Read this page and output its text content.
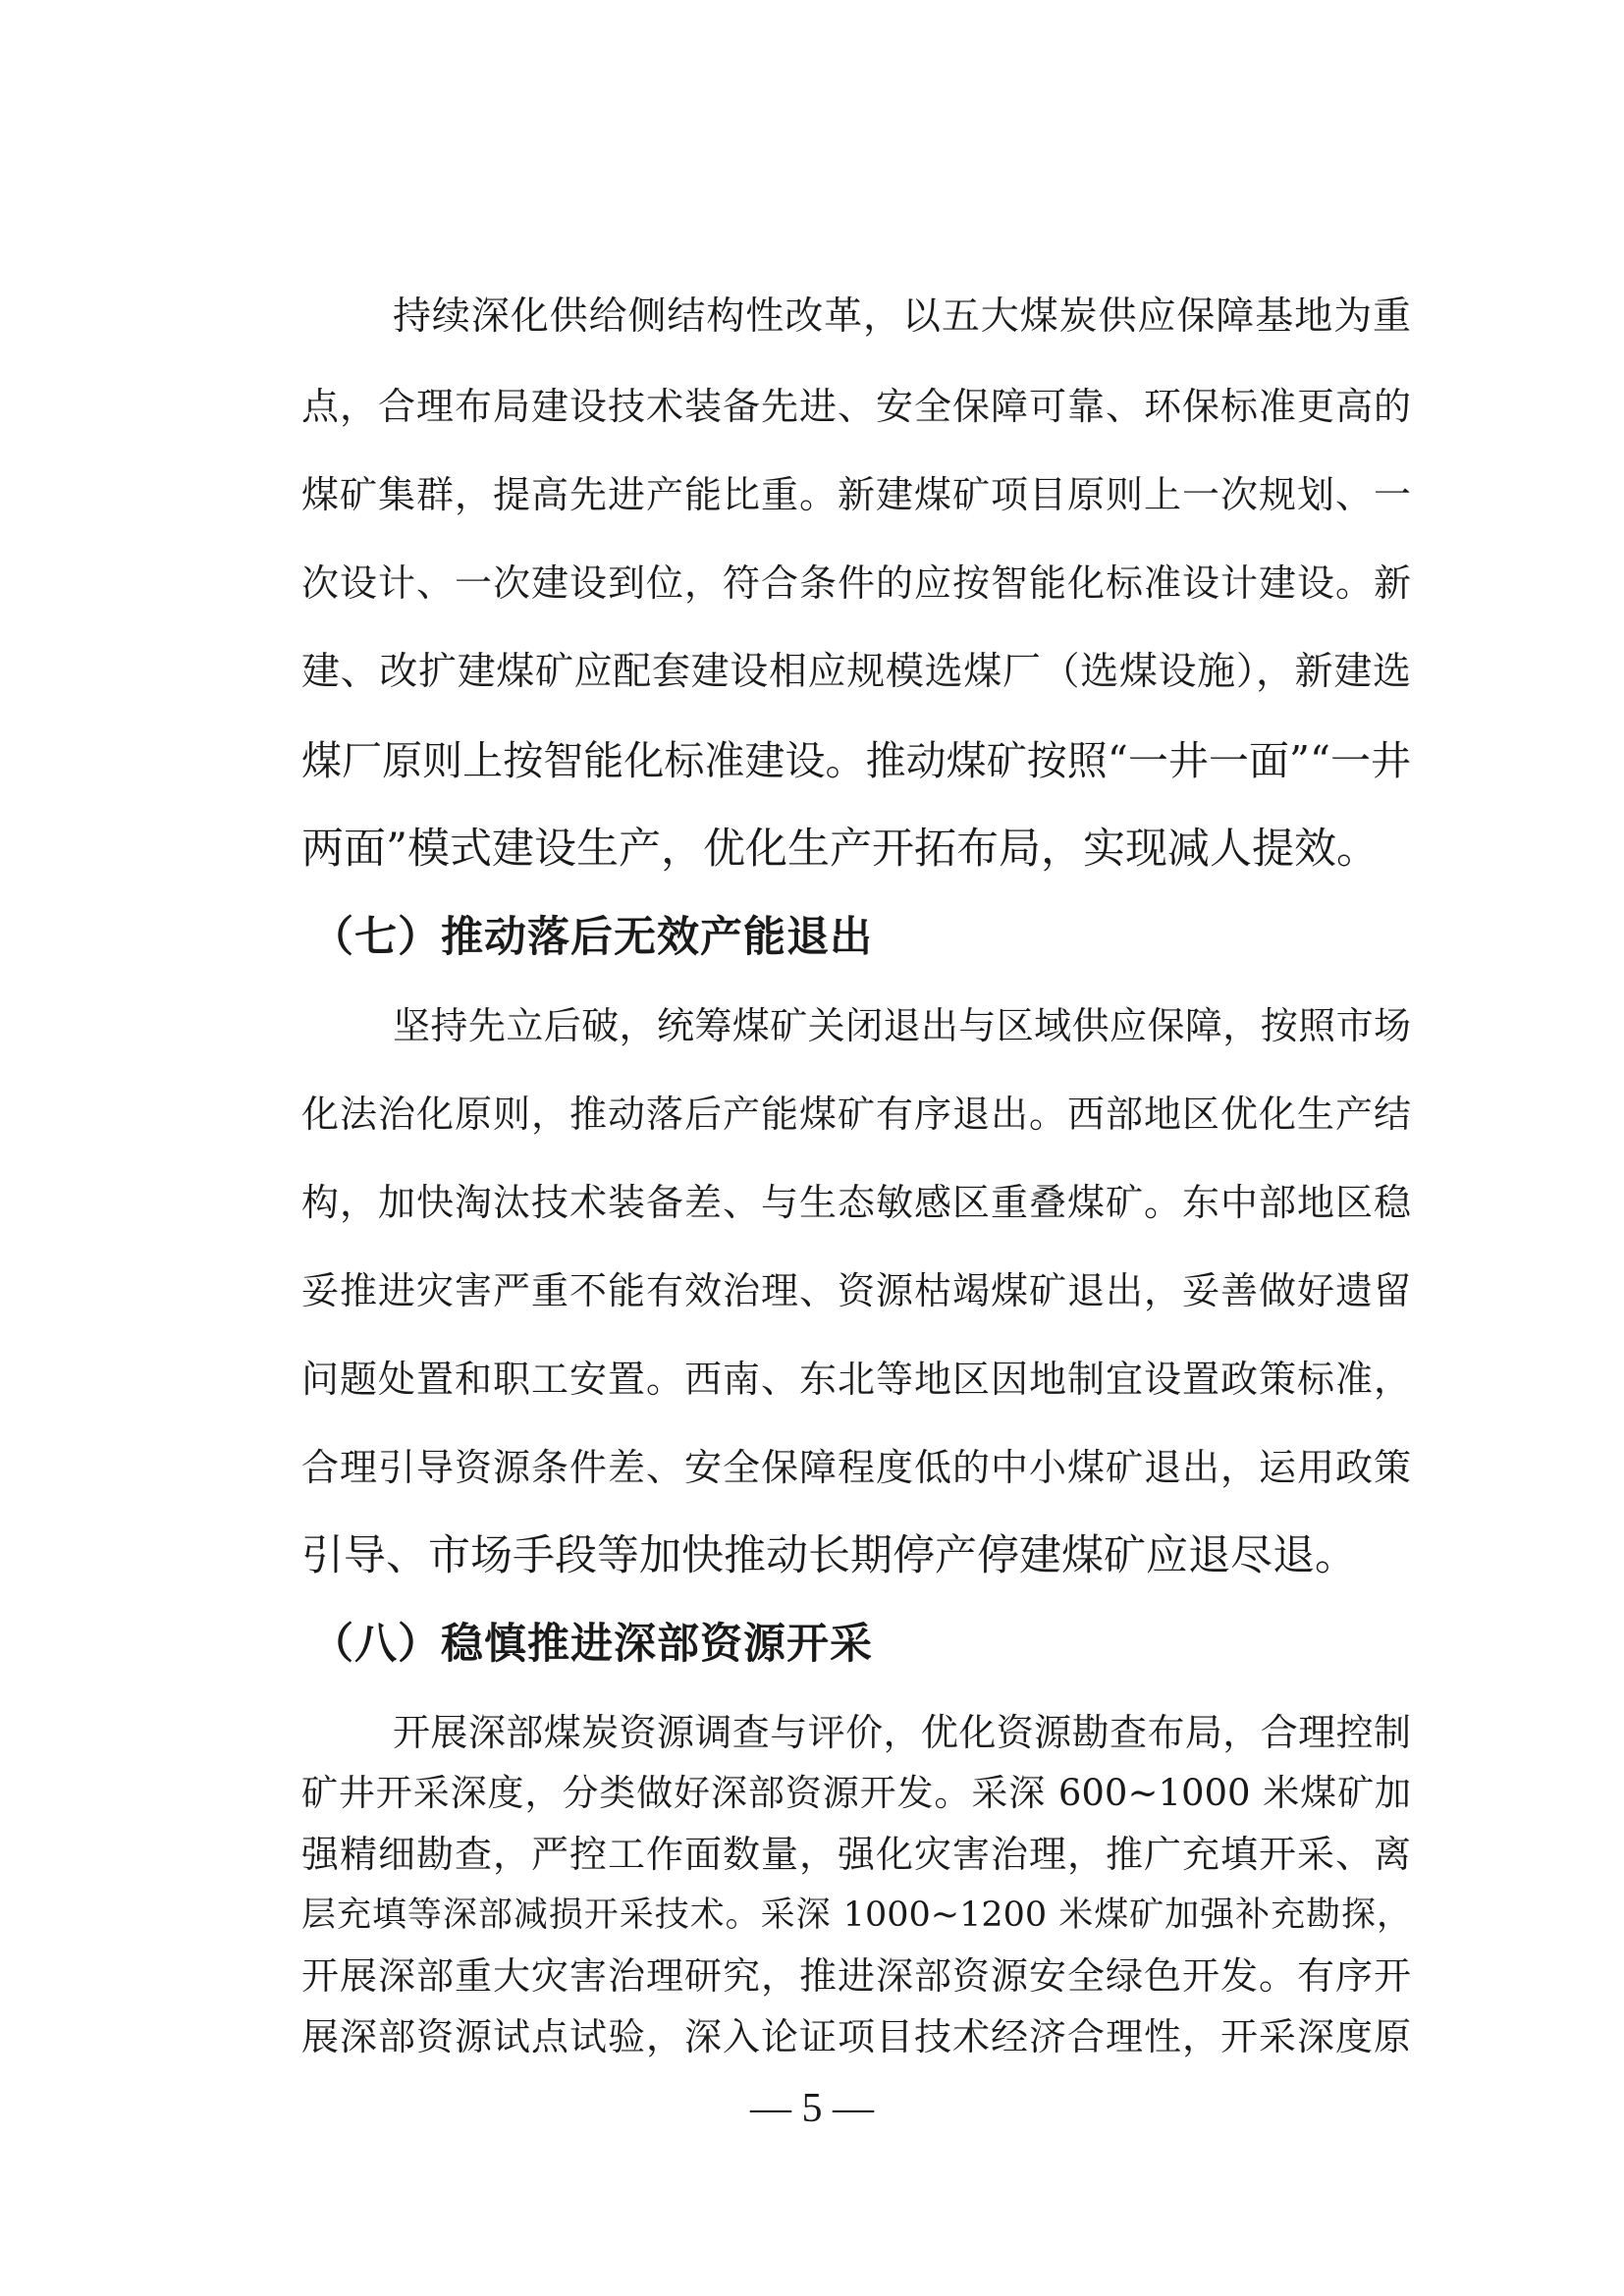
持续深化供给侧结构性改革，以五大煤炭供应保障基地为重
点，合理布局建设技术装备先进、安全保障可靠、环保标准更高的
煤矿集群，提高先进产能比重。新建煤矿项目原则上一次规划、一
次设计、一次建设到位，符合条件的应按智能化标准设计建设。新
建、改扩建煤矿应配套建设相应规模选煤厂（选煤设施），新建选
煤厂原则上按智能化标准建设。推动煤矿按照“一井一面”“一井
两面”模式建设生产，优化生产开拓布局，实现减人提效。
（七）推动落后无效产能退出
坚持先立后破，统筹煤矿关闭退出与区域供应保障，按照市场
化法治化原则，推动落后产能煤矿有序退出。西部地区优化生产结
构，加快淘汰技术装备差、与生态敏感区重叠煤矿。东中部地区稳
妥推进灾害严重不能有效治理、资源枯竭煤矿退出，妥善做好遗留
问题处置和职工安置。西南、东北等地区因地制宜设置政策标准，
合理引导资源条件差、安全保障程度低的中小煤矿退出，运用政策
引导、市场手段等加快推动长期停产停建煤矿应退尽退。
（八）稳慎推进深部资源开采
开展深部煤炭资源调查与评价，优化资源勘查布局，合理控制
矿井开采深度，分类做好深部资源开发。采深 600~1000 米煤矿加
强精细勘查，严控工作面数量，强化灾害治理，推广充填开采、离
层充填等深部减损开采技术。采深 1000~1200 米煤矿加强补充勘探，
开展深部重大灾害治理研究，推进深部资源安全绿色开发。有序开
展深部资源试点试验，深入论证项目技术经济合理性，开采深度原
— 5 —
